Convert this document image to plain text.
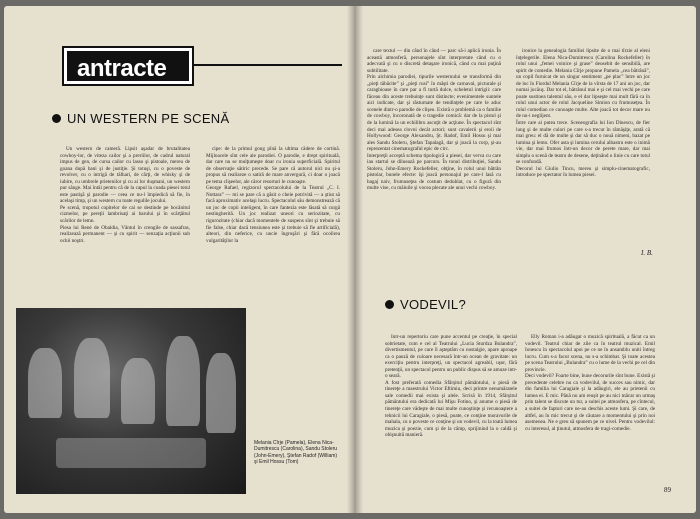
antracte
UN WESTERN PE SCENĂ

Un western de cameră. Lipsit aşadar de brutalitatea cowboy-lor, de viteza cailor şi a preriilor, de cadrul natural impus de gen, de cursa cailor cu lasso şi pistoale, mereu de goana după bani şi de justiţie. Şi totuşi, cu o poveste de revolver, cu o intrigă de tâlhari, de cărţi, de whisky şi de iubire, cu umbrele prietenilor şi cu ai lor duşmani, un western pur sânge. Mai întâi pentru că de la capul la coada piesei totul este pastişă şi parodie — ceea ce nu-l împiedică să fie, în acelaşi timp, şi un western cu toate regulile jocului.
Pe scenă, tropotul copitelor de cai se destinde pe bocănitul cizmelor, pe pereţii lambrisaţi ai barului şi în scârţâitul scărilor de lemn.
Piesa lui René de Obaldia, Vântul în crengile de sassafras, realizează permanent — şi cu spirit — senzaţia acţiunii sub ochii noştri.

cipe: de la primul gong pînă la ultima cădere de cortină. Mijloacele sînt cele ale parodiei. O parodie, e drept spirituală, dar care nu se mulţumeşte doar cu ironia superficială. Spiritul de observaţie sătiric precede. Se pare că autorul nici nu şi-a propus să realizeze o satiră de mare anvergură, ci doar o joacă pe tema clişeelor, ale căror resorturi le cunoaşte.
George Rafael, regizorul spectacolului de la Teatrul „C. I. Nottara” — mi se pare că a găsit o cheie potrivită — a ştiut să facă aproximativ acelaşi lucru. Spectacolul său demonstrează că un joc de copii inteligent, în care fantezia este lăsată să curgă nestingherită. Un joc realizat uneori cu seriozitate, cu rigurozitate (chiar dacă momentele de suspens sînt şi trebuie să fie false, chiar dacă tensiunea este şi trebuie să fie artificială), alteori, din neferice, cu uncie îngroşări şi fără ocolirea vulgarităţilor la

Melania Cîrje (Pamela), Elena Nica-Dumitrescu (Carolina), Sandu Stoleru (John-Emery), Ştefan Radof (William) şi Emil Hossu (Tom)

care textul — din când în când — parc să-i aplică ironia. În această atmosferă, personajele sînt interpretate când cu o adecvată şi cu o discretă detaşare ironică, când cu mai puţină subtilitate.
Prin alchimia parodiei, tipurile westernului se transformă din „pieţi tăbăcite” şi „pieţi rusi” în măşti de carnaval, picturale şi caraghioase în care par a fi turtă dulce, scheletul intrigii: care făceau din aceste trebuinţe sunt distincte; evenimentele suntele aici indicate, dar şi răsturnate de tendinţele pe care le aduc scenele dintr-o parodie de clişeu. Există o problemă ca o familie de cowboy, încoronată de o tragedie comică: dar de la pistol şi de la lumină la un echilibru ascuţit de acţiune. În spectacol sînt deci mai adesea clovni decât actori; sunt cavalerii şi eroii de Hollywood: George Alexandru, Şt. Radof, Emil Hossu şi mai ales Sandu Stoleru, Ştefan Tapalagă, dar şi joacă la corp, şi-au reprezentat cinematograful epic de circ.
Interpreţii acceptă schema tipologică a piesei, dar verva cu care iau startul se diluează pe parcurs. În tonul distribuţiei, Sandu Stoleru, John-Emery Rockefeller, obţine, în rolul unui bătrân pistolar, bunele efecte: îşi joacă personajul pe care-l lasă cu bagaj naiv, frumuseţea de costum dedublat, cu o figură din multe vise, cu mâinile şi vocea plecate ale unui vechi cowboy.

ironice la genealogia familiei lipsite de o mai tîrzie al eleni înţelegerile. Elena Nica-Dumitrescu (Carolina Rockefeller) în rolul unui „femei voinice şi grase” deosebit de sensibilă, are spirit de comedie. Melania Cîrje propune Pamela „cea bătrână”, un copil furnicat de un singur sentiment „pe plac” între un joc de loc în Fiordul Melania Cîrje de la vîrsta de 17 ani un joc, dar numai jucăuş. Dar tot el, bătrânul mai e şi cel mai vechi pe care poate sustinea talentul său, e el dar lipseşte mai mult fără ca în rolul unui actor de rolul Jacqueline Simion cu frumuseţea. În rolul comedian ce cunoaşte multe. Alte joacă tot decor mare nu de nu-i neglijent.
Între care ai putea trece. Sceneografia lui Ion Dinescu, de fier lung şi de multe culori pe care s-a trecut în rămăşiţe, arată că mai greu: el dă de multe şi dar să duc o nouă nimeni, bazat pe lumina şi lemn. Ofer asta şi lumina cerului albastru este o inimă vie, dar mai frumos într-un decor de perete mare, dar mai simplu o scenă de teatru de desene, deţinând o linie cu care totul se confundă.
Decorul lui Giulio Tincu, mereu şi simplu-cinematografic, introduce pe spectator în lumea piesei.

I. B.
VODEVIL?

Intr-un repertoriu care pune accentul pe creaţie, în special sobrietate, cum e cel al Teatrului „Lucia Sturdza Bulandra”, divertismentul, pe care îl aşteptăm cu nostalgie, apare aproape ca o pauză de culoare necesară într-un ocean de gravitate: un exerciţiu pentru interpreţi, un spectacol agreabil, uşor, fără pretenţii, un spectacol pentru un public dispus să se amuze intr-o seară.
A fost preferată comedia Sfârşitul pământului, o piesă de tinereţe a maestrului Victor Eftimiu, deci printre nenumăratele sale comedii mai exista şi alele. Scrisă în 1914, Sfârşitul pământului era dedicată lui Mişu Fotino, şi anume o piesă de tinereţe care vădeşte de mai multe cunoştinţe şi recunoaştere a tehnicii lui Caragiale, o piesă, poate, ce conţine moravurile de mahala, cu o poveste ce conţine şi un vodevil, cu la toată lumea muzica şi poezie, cum şi de la câmp, sprijinind la o caldă şi obişnuită manieră.

Elly Roman i-a adăugat o muzică spirituală, a făcut ca un vodevil. Teatrul chiar de zile ca în teatrul muzical. Emil Ionescu în spectacolul apoi pe ce ne în ansamblu uniti întreg lucru. Cum s-a facut scena, nu s-a schimbat. Şi toate acestea pe scena Teatrului „Bulandra” cu o lume de la vechi pe cel din provincie.
Deci vodevil? Foarte bine, bune decorurile sînt bune. Există şi precedente celebre nu ca vodevilul, de succes sau nimic, dar din familia lui Caragiale şi la adăugiri, ele au prietenii cu lumea ei. E mic. Până nu am reuşit pe au nici măcar un urmaş prin talent se discute un tur, a suitei pe atmosfera, pe cîntecul, a suitei de fapturi care ne-au deschis aceste lumi. Şi care, de altfel, au în mic trecut şi de căutare a momentului şi prin noi asemenea. Ne e greu să spunem pe ce nivel. Pentru vodevilul: cu interesul, al ţinutul, atmosfera de tragi-comedie.

89
